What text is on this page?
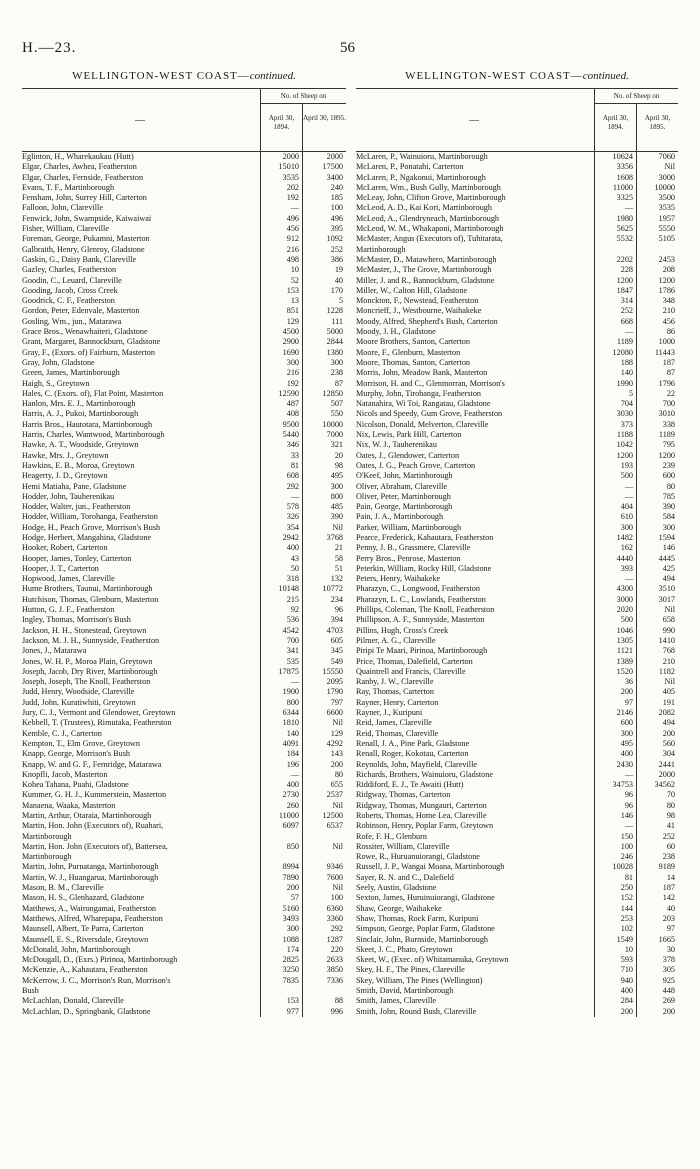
H.—23.	56
WELLINGTON-WEST COAST—continued.
—
No. of Sheep on
April 30, 1894.
April 30, 1895.
Eglinton, H., Wharekaukau (Hutt)	2000	2000
Elgar, Charles, Awhea, Featherston	15010	17500
Elgar, Charles, Fernside, Featherston	3535	3400
Evans, T. F., Martinborough	202	240
Fensham, John, Surrey Hill, Carterton	192	185
Falloon, John, Clareville	—	100
Fenwick, John, Swampside, Kaiwaiwai	496	496
Fisher, William, Clareville	456	395
Foreman, George, Pukamni, Masterton	912	1092
Galbraith, Henry, Glenroy, Gladstone	216	252
Gaskin, G., Daisy Bank, Clareville	498	386
Gazley, Charles, Featherston	10	19
Goodin, C., Leuard, Clareville	52	40
Gooding, Jacob, Cross Creek	153	170
Goodrick, C. F., Featherston	13	5
Gordon, Peter, Edenvale, Masterton	851	1228
Gosling, Wm., jun., Matarawa	129	111
Grace Bros., Wenawhaiteri, Gladstone	4500	5000
Grant, Margaret, Bannockburn, Gladstone	2900	2844
Gray, F., (Exors. of) Fairburn, Masterton	1690	1380
Gray, John, Gladstone	300	300
Green, James, Martinborough	216	238
Haigh, S., Greytown	192	87
Hales, C. (Exors. of), Flat Point, Masterton	12590	12850
Hanlon, Mrs. E. J., Martinborough	487	507
Harris, A. J., Pukoi, Martinborough	408	550
Harris Bros., Hautotara, Martinborough	9500	10000
Harris, Charles, Wantwood, Martinborough	5440	7000
Hawke, A. T., Woodside, Greytown	346	321
Hawke, Mrs. J., Greytown	33	20
Hawkins, E. B., Moroa, Greytown	81	98
Heagerty, J. D., Greytown	608	495
Hemi Matiaha, Pane, Gladstone	292	300
Hodder, John, Tauherenikau	—	800
Hodder, Walter, jun., Featherston	578	485
Hodder, William, Torohanga, Featherston	326	390
Hodge, H., Peach Grove, Morrison's Bush	354	Nil
Hodge, Herbert, Mangahina, Gladstone	2942	3768
Hooker, Robert, Carterton	400	21
Hooper, James, Tonley, Carterton	43	58
Hooper, J. T., Carterton	50	51
Hopwood, James, Clareville	318	132
Hume Brothers, Taunui, Martinborough	10148	10772
Hutchison, Thomas, Glenburn, Masterton	215	234
Hutton, G. J. F., Featherston	92	96
Ingley, Thomas, Morrison's Bush	536	394
Jackson, H. H., Stonestead, Greytown	4542	4703
Jackson, M. J. H., Sunnyside, Featherston	700	605
Jones, J., Matarawa	341	345
Jones, W. H. P., Moroa Plain, Greytown	535	549
Joseph, Jacob, Dry River, Martinborough	17875	15550
Joseph, Joseph, The Knoll, Featherston	—	2095
Judd, Henry, Woodside, Clareville	1900	1790
Judd, John, Kuratiwhiti, Greytown	800	797
Jury, C. J., Vermont and Glendower, Greytown	6344	6600
Kebbell, T. (Trustees), Rimutaka, Featherston	1810	Nil
Kemble, C. J., Carterton	140	129
Kempton, T., Elm Grove, Greytown	4091	4292
Knapp, George, Morrison's Bush	184	143
Knapp, W. and G. F., Fernridge, Matarawa	196	200
Knopfli, Jacob, Masterton	—	80
Kohea Tahana, Puahi, Gladstone	400	655
Kummer, G. H. J., Kummerstein, Masterton	2730	2537
Manaena, Waaka, Masterton	260	Nil
Martin, Arthur, Otaraia, Martinborough	11000	12500
Martin, Hon. John (Executors of), Ruahari,	6097	6537
Martinborough
Martin, Hon. John (Executors of), Battersea,	850	Nil
Martinborough
Martin, John, Purnatanga, Martinborough	8994	9346
Martin, W. J., Huangarua, Martinborough	7890	7600
Mason, B. M., Clareville	200	Nil
Mason, H. S., Glenhazard, Gladstone	57	100
Matthews, A., Wairongamai, Featherston	5160	6360
Matthews, Alfred, Wharepapa, Featherston	3493	3360
Maunsell, Albert, Te Parra, Carterton	300	292
Maunsell, E. S., Riversdale, Greytown	1088	1287
McDonald, John, Martinborough	174	220
McDougall, D., (Exrs.) Pirinoa, Martinborough	2825	2633
McKenzie, A., Kahautara, Featherston	3250	3850
McKerrow, J. C., Morrison's Run, Morrison's	7835	7336
Bush
McLachlan, Donald, Clareville	153	88
McLachlan, D., Springbank, Gladstone	977	996
WELLINGTON-WEST COAST—continued.
—
No. of Sheep on
April 30, 1894.
April 30, 1895.
McLaren, P., Wainuioru, Martinborough	10624	7060
McLaren, P., Ponatahi, Carterton	3356	Nil
McLaren, P., Ngakonui, Martinborough	1608	3000
McLaren, Wm., Bush Gully, Martinborough	11000	10000
McLeay, John, Clifton Grove, Martinborough	3325	3500
McLeod, A. D., Kai Kori, Martinborough	—	3535
McLeod, A., Glendryneach, Martinborough	1980	1957
McLeod, W. M., Whakaponi, Martinborough	5625	5550
McMaster, Angus (Executors of), Tuhitarata,	5532	5105
Martinborough
McMaster, D., Matawhero, Martinborough	2202	2453
McMaster, J., The Grove, Martinborough	228	208
Miller, J. and R., Bannockburn, Gladstone	1200	1200
Miller, W., Calton Hill, Gladstone	1847	1786
Monckton, F., Newstead, Featherston	314	348
Moncrieff, J., Westbourne, Waihakeke	252	210
Moody, Alfred, Shepherd's Bush, Carterton	668	456
Moody, J. H., Gladstone	—	86
Moore Brothers, Santon, Carterton	1189	1000
Moore, F., Glenburn, Masterton	12080	11443
Moore, Thomas, Santon, Carterton	188	187
Morris, John, Meadow Bank, Masterton	140	87
Morrison, H. and C., Glenmorran, Morrison's	1990	1796
Murphy, John, Tirohanga, Featherston	5	22
Natanahira, Wi Toi, Rangatau, Gladstone	704	700
Nicols and Speedy, Gum Grove, Featherston	3030	3010
Nicolson, Donald, Melverton, Clareville	373	338
Nix, Lewis, Park Hill, Carterton	1188	1189
Nix, W. J., Tauherenikau	1042	795
Oates, J., Glendower, Carterton	1200	1200
Oates, J. G., Peach Grove, Carterton	193	239
O'Keef, John, Martinborough	500	600
Oliver, Abraham, Clareville	—	80
Oliver, Peter, Martinborough	—	785
Pain, George, Martinborough	404	390
Pain, J. A., Martinborough	610	584
Parker, William, Martinborough	300	300
Pearce, Frederick, Kahautara, Featherston	1482	1594
Penny, J. B., Grassmere, Clareville	162	146
Perry Bros., Penrose, Masterton	4440	4445
Peterkin, William, Rocky Hill, Gladstone	393	425
Peters, Henry, Waihakeke	—	494
Pharazyn, C., Longwood, Featherston	4300	3510
Pharazyn, L. C., Lowlands, Featherston	3000	3017
Phillips, Coleman, The Knoll, Featherston	2020	Nil
Phillipson, A. F., Sunnyside, Masterton	500	658
Pillins, Hugh, Cross's Creek	1046	990
Pilmer, A. G., Clareville	1305	1410
Piripi Te Maari, Pirinoa, Martinborough	1121	768
Price, Thomas, Dalefield, Carterton	1389	210
Quaintrell and Francis, Clareville	1520	1182
Ranby, J. W., Clareville	36	Nil
Ray, Thomas, Carterton	200	405
Rayner, Henry, Carterton	97	191
Rayner, J., Kuripuni	2146	2082
Reid, James, Clareville	600	494
Reid, Thomas, Clareville	300	200
Renall, J. A., Pine Park, Gladstone	495	560
Renall, Roger, Kokotau, Carterton	400	304
Reynolds, John, Mayfield, Clareville	2430	2441
Richards, Brothers, Wainuioru, Gladstone	—	2000
Riddiford, E. J., Te Awaiti (Hutt)	34753	34562
Ridgway, Thomas, Carterton	96	70
Ridgway, Thomas, Mungauri, Carterton	96	80
Roberts, Thomas, Home Lea, Clareville	146	98
Robinson, Henry, Poplar Farm, Greytown	—	41
Rofe, F. H., Glenburn	150	252
Rossiter, William, Clareville	100	60
Rowe, R., Huruanuiorangi, Gladstone	246	238
Russell, J. P., Wangai Moana, Martinborough	10028	9189
Sayer, R. N. and C., Dalefield	81	14
Seely, Austin, Gladstone	250	187
Sexton, James, Huruinuiorangi, Gladstone	152	142
Shaw, George, Waihakeke	144	40
Shaw, Thomas, Rock Farm, Kuripuni	253	203
Simpson, George, Poplar Farm, Gladstone	102	97
Sinclair, John, Burnside, Martinborough	1549	1665
Skeet, J. C., Phato, Greytown	10	30
Skeet, W., (Exec. of) Whitamanuka, Greytown	593	378
Skey, H. F., The Pines, Clareville	710	305
Skey, William, The Pines (Wellington)	940	925
Smith, David, Martinborough	400	448
Smith, James, Clareville	284	269
Smith, John, Round Bush, Clareville	200	200
